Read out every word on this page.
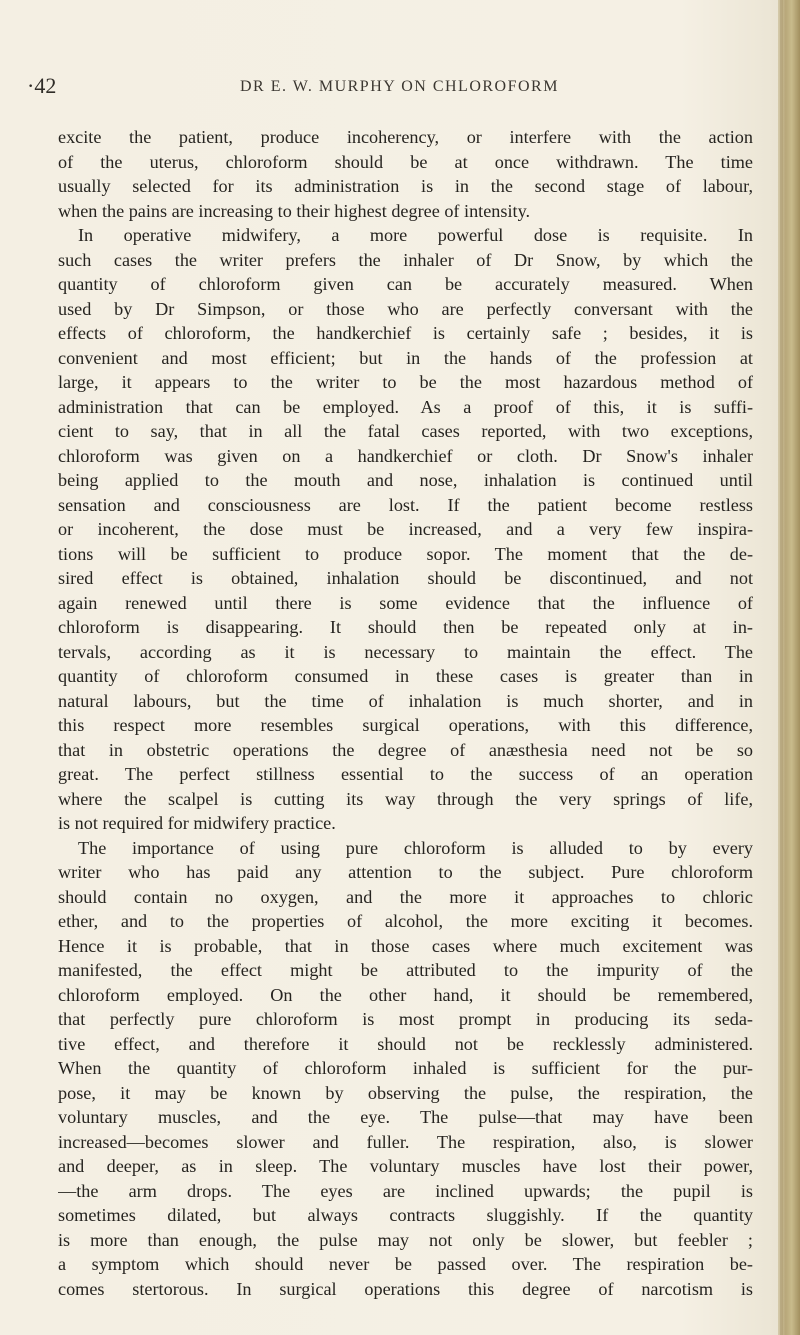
·42	DR E. W. MURPHY ON CHLOROFORM
excite the patient, produce incoherency, or interfere with the action
of the uterus, chloroform should be at once withdrawn. The time
usually selected for its administration is in the second stage of labour,
when the pains are increasing to their highest degree of intensity.
In operative midwifery, a more powerful dose is requisite. In
such cases the writer prefers the inhaler of Dr Snow, by which the
quantity of chloroform given can be accurately measured. When
used by Dr Simpson, or those who are perfectly conversant with the
effects of chloroform, the handkerchief is certainly safe ; besides, it is
convenient and most efficient; but in the hands of the profession at
large, it appears to the writer to be the most hazardous method of
administration that can be employed. As a proof of this, it is suffi-
cient to say, that in all the fatal cases reported, with two exceptions,
chloroform was given on a handkerchief or cloth. Dr Snow's inhaler
being applied to the mouth and nose, inhalation is continued until
sensation and consciousness are lost. If the patient become restless
or incoherent, the dose must be increased, and a very few inspira-
tions will be sufficient to produce sopor. The moment that the de-
sired effect is obtained, inhalation should be discontinued, and not
again renewed until there is some evidence that the influence of
chloroform is disappearing. It should then be repeated only at in-
tervals, according as it is necessary to maintain the effect. The
quantity of chloroform consumed in these cases is greater than in
natural labours, but the time of inhalation is much shorter, and in
this respect more resembles surgical operations, with this difference,
that in obstetric operations the degree of anæsthesia need not be so
great. The perfect stillness essential to the success of an operation
where the scalpel is cutting its way through the very springs of life,
is not required for midwifery practice.
The importance of using pure chloroform is alluded to by every
writer who has paid any attention to the subject. Pure chloroform
should contain no oxygen, and the more it approaches to chloric
ether, and to the properties of alcohol, the more exciting it becomes.
Hence it is probable, that in those cases where much excitement was
manifested, the effect might be attributed to the impurity of the
chloroform employed. On the other hand, it should be remembered,
that perfectly pure chloroform is most prompt in producing its seda-
tive effect, and therefore it should not be recklessly administered.
When the quantity of chloroform inhaled is sufficient for the pur-
pose, it may be known by observing the pulse, the respiration, the
voluntary muscles, and the eye. The pulse—that may have been
increased—becomes slower and fuller. The respiration, also, is slower
and deeper, as in sleep. The voluntary muscles have lost their power,
—the arm drops. The eyes are inclined upwards; the pupil is
sometimes dilated, but always contracts sluggishly. If the quantity
is more than enough, the pulse may not only be slower, but feebler ;
a symptom which should never be passed over. The respiration be-
comes stertorous. In surgical operations this degree of narcotism is
